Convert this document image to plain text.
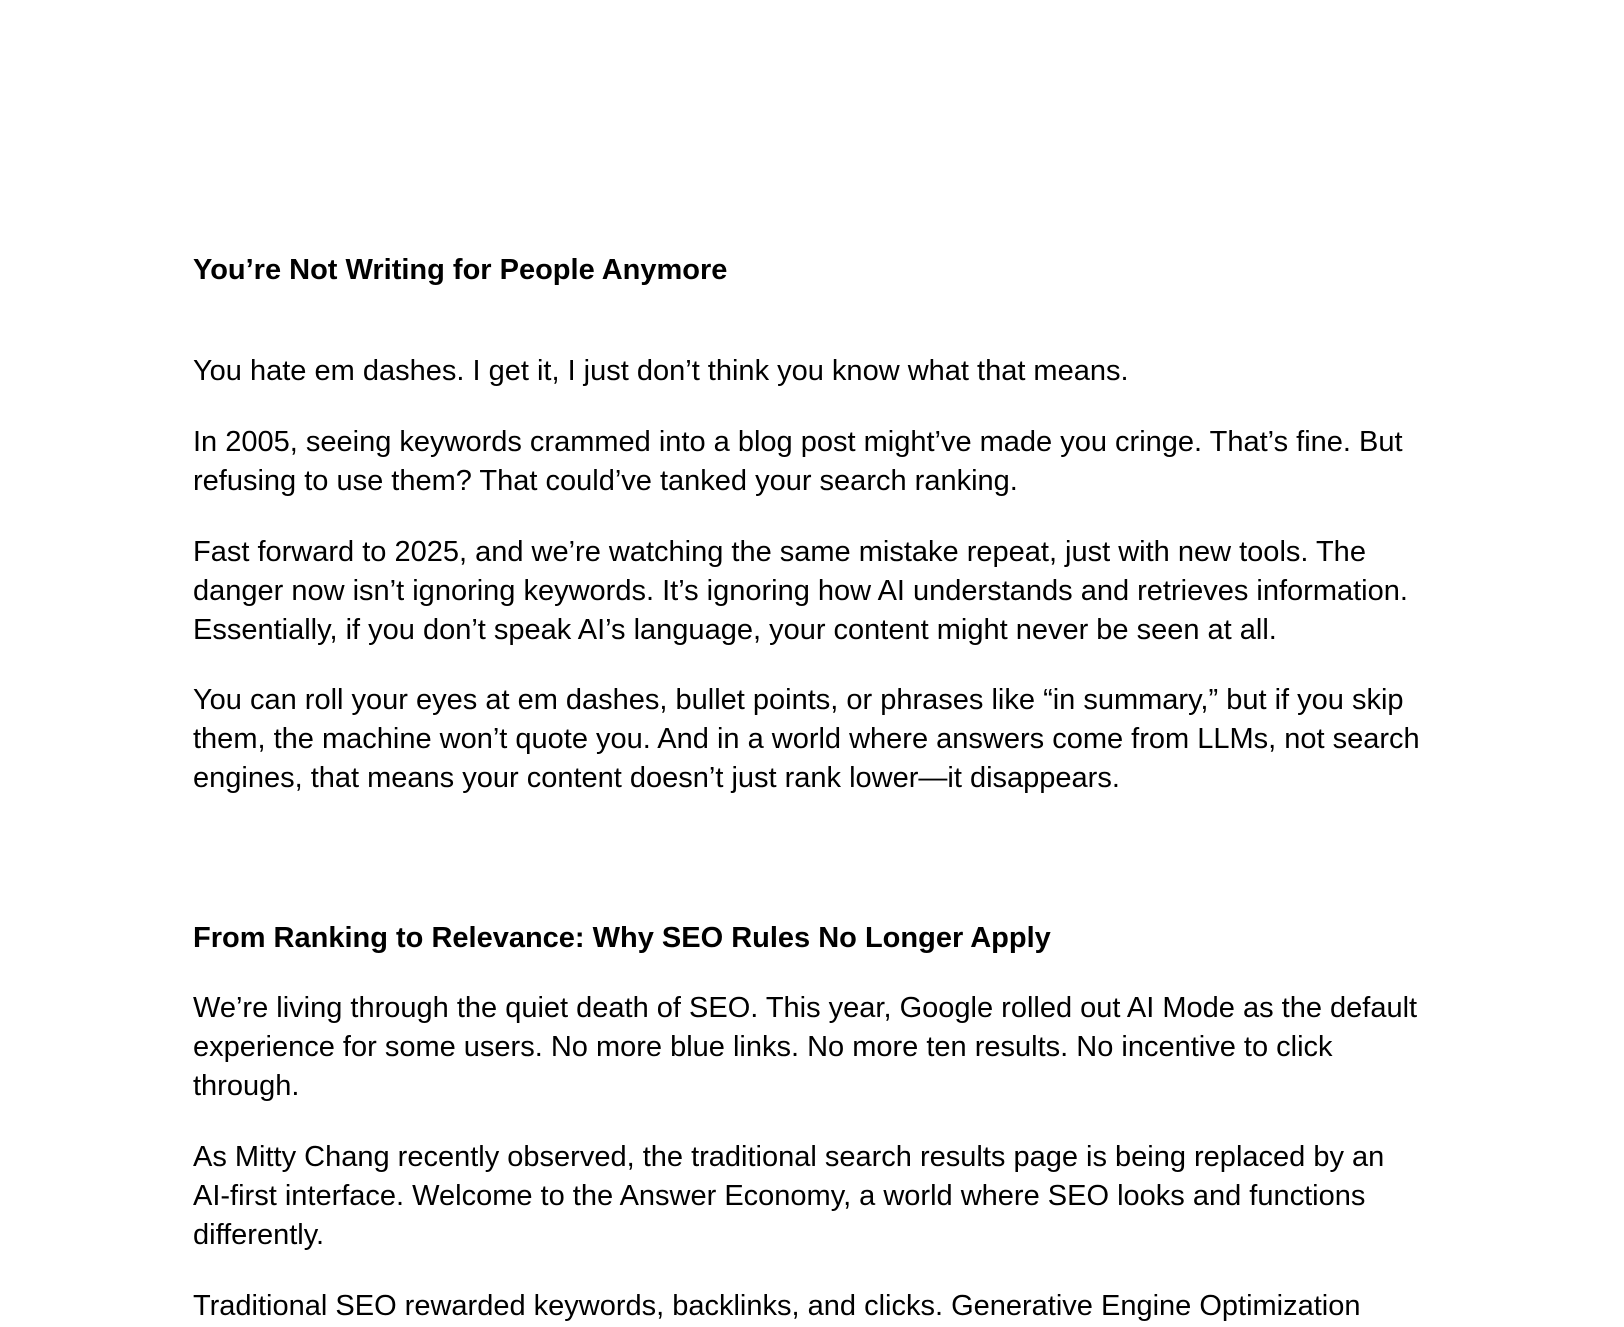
You’re Not Writing for People Anymore

You hate em dashes. I get it, I just don’t think you know what that means.

In 2005, seeing keywords crammed into a blog post might’ve made you cringe. That’s fine. But
refusing to use them? That could’ve tanked your search ranking.

Fast forward to 2025, and we’re watching the same mistake repeat, just with new tools. The
danger now isn’t ignoring keywords. It’s ignoring how AI understands and retrieves information.
Essentially, if you don’t speak AI’s language, your content might never be seen at all.

You can roll your eyes at em dashes, bullet points, or phrases like “in summary,” but if you skip
them, the machine won’t quote you. And in a world where answers come from LLMs, not search
engines, that means your content doesn’t just rank lower—it disappears.

From Ranking to Relevance: Why SEO Rules No Longer Apply

We’re living through the quiet death of SEO. This year, Google rolled out AI Mode as the default
experience for some users. No more blue links. No more ten results. No incentive to click
through.

As Mitty Chang recently observed, the traditional search results page is being replaced by an
AI-first interface. Welcome to the Answer Economy, a world where SEO looks and functions
differently.

Traditional SEO rewarded keywords, backlinks, and clicks. Generative Engine Optimization
